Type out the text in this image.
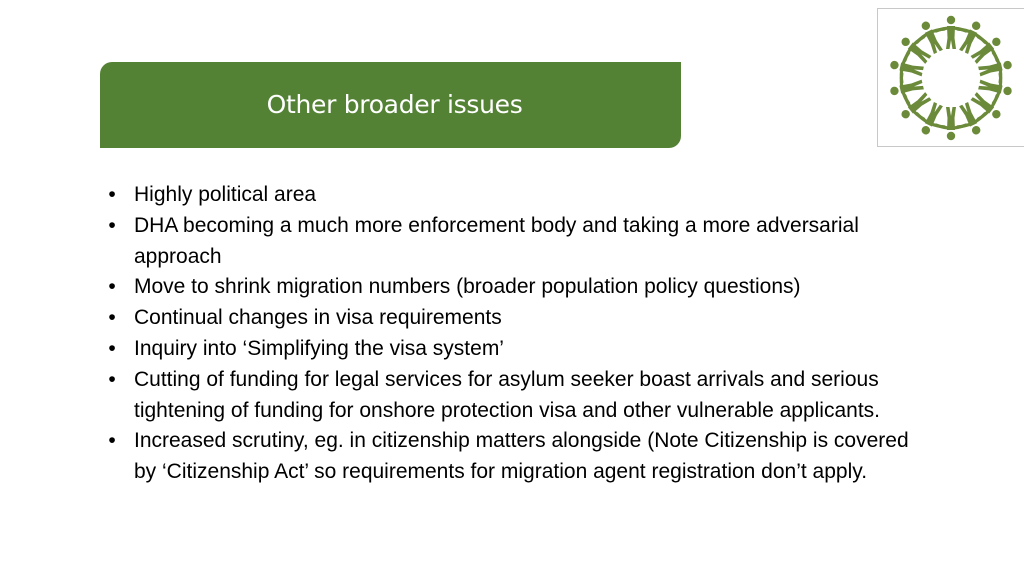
Other broader issues
• Highly political area
• DHA becoming a much more enforcement body and taking a more adversarial approach
• Move to shrink migration numbers (broader population policy questions)
• Continual changes in visa requirements
• Inquiry into ‘Simplifying the visa system’
• Cutting of funding for legal services for asylum seeker boast arrivals and serious tightening of funding for onshore protection visa and other vulnerable applicants.
• Increased scrutiny, eg. in citizenship matters alongside (Note Citizenship is covered by ‘Citizenship Act’ so requirements for migration agent registration don’t apply.
